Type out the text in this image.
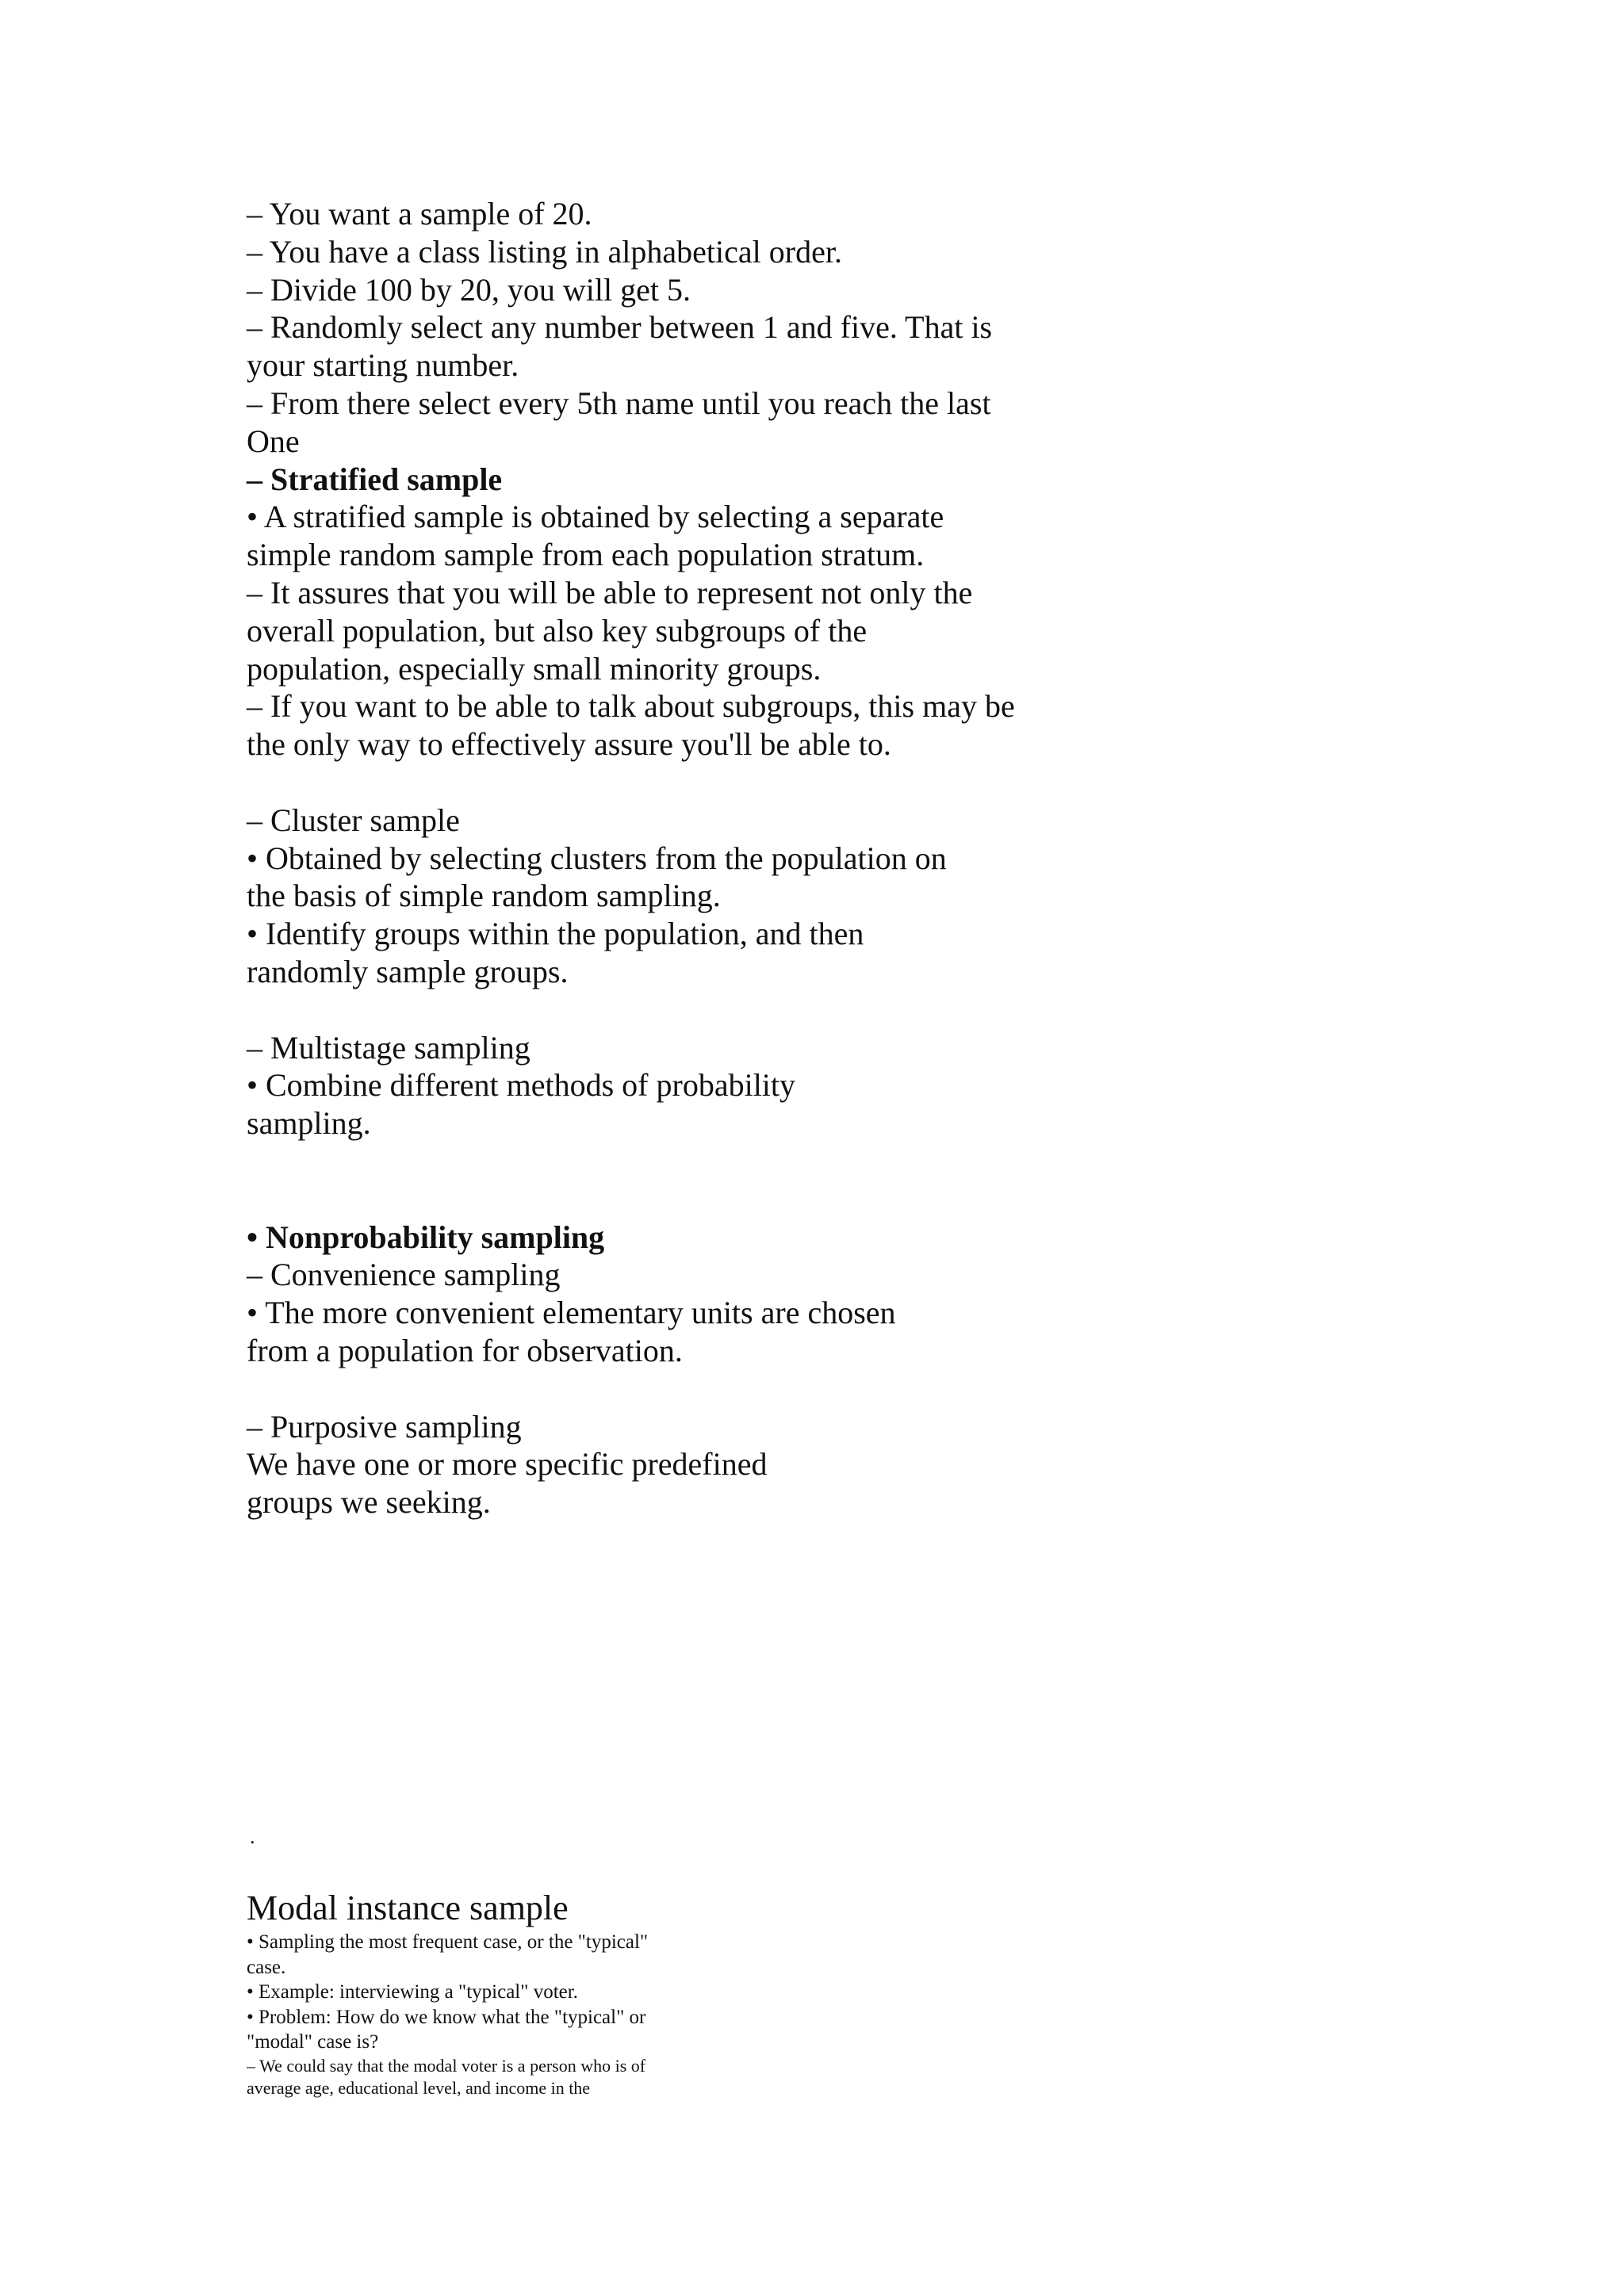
– You want a sample of 20.

– You have a class listing in alphabetical order.

– Divide 100 by 20, you will get 5.

– Randomly select any number between 1 and five. That is

your starting number.

– From there select every 5th name until you reach the last

One

– Stratified sample

• A stratified sample is obtained by selecting a separate

simple random sample from each population stratum.

– It assures that you will be able to represent not only the

overall population, but also key subgroups of the

population, especially small minority groups.

– If you want to be able to talk about subgroups, this may be

the only way to effectively assure you'll be able to.

– Cluster sample

• Obtained by selecting clusters from the population on

the basis of simple random sampling.

• Identify groups within the population, and then

randomly sample groups.

– Multistage sampling

• Combine different methods of probability

sampling.

• Nonprobability sampling

– Convenience sampling

• The more convenient elementary units are chosen

from a population for observation.

– Purposive sampling

We have one or more specific predefined

groups we seeking.

.

Modal instance sample

• Sampling the most frequent case, or the "typical"

case.

• Example: interviewing a "typical" voter.

• Problem: How do we know what the "typical" or

"modal" case is?

– We could say that the modal voter is a person who is of

average age, educational level, and income in the
